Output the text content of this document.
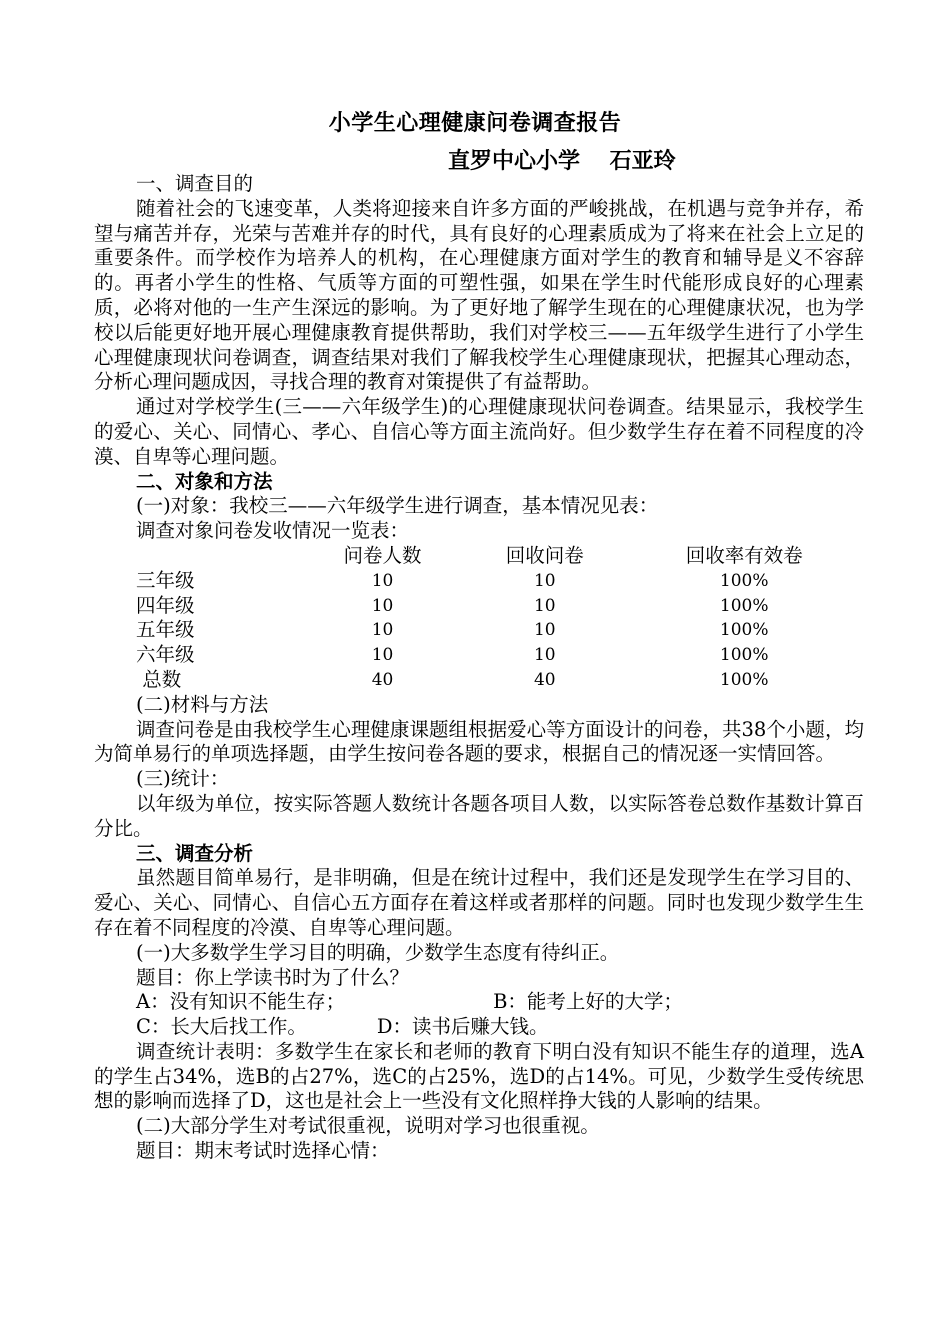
小学生心理健康问卷调查报告
直罗中心小学　 石亚玲
一、调查目的

随着社会的飞速变革，人类将迎接来自许多方面的严峻挑战，在机遇与竞争并存，希望与痛苦并存，光荣与苦难并存的时代，具有良好的心理素质成为了将来在社会上立足的重要条件。而学校作为培养人的机构，在心理健康方面对学生的教育和辅导是义不容辞的。再者小学生的性格、气质等方面的可塑性强，如果在学生时代能形成良好的心理素质，必将对他的一生产生深远的影响。为了更好地了解学生现在的心理健康状况，也为学校以后能更好地开展心理健康教育提供帮助，我们对学校三——五年级学生进行了小学生心理健康现状问卷调查，调查结果对我们了解我校学生心理健康现状，把握其心理动态，分析心理问题成因，寻找合理的教育对策提供了有益帮助。

通过对学校学生(三——六年级学生)的心理健康现状问卷调查。结果显示，我校学生的爱心、关心、同情心、孝心、自信心等方面主流尚好。但少数学生存在着不同程度的冷漠、自卑等心理问题。

二、对象和方法
(一)对象：我校三——六年级学生进行调查，基本情况见表：
调查对象问卷发收情况一览表：
	问卷人数	回收问卷	回收率有效卷
三年级	10	10	100%
四年级	10	10	100%
五年级	10	10	100%
六年级	10	10	100%
总数	40	40	100%
(二)材料与方法

调查问卷是由我校学生心理健康课题组根据爱心等方面设计的问卷，共38个小题，均为简单易行的单项选择题，由学生按问卷各题的要求，根据自己的情况逐一实情回答。

(三)统计：

以年级为单位，按实际答题人数统计各题各项目人数，以实际答卷总数作基数计算百分比。

三、调查分析

虽然题目简单易行，是非明确，但是在统计过程中，我们还是发现学生在学习目的、爱心、关心、同情心、自信心五方面存在着这样或者那样的问题。同时也发现少数学生生存在着不同程度的冷漠、自卑等心理问题。

(一)大多数学生学习目的明确，少数学生态度有待纠正。
题目：你上学读书时为了什么？
A：没有知识不能生存；	B：能考上好的大学；
C：长大后找工作。	D：读书后赚大钱。

调查统计表明：多数学生在家长和老师的教育下明白没有知识不能生存的道理，选A的学生占34%，选B的占27%，选C的占25%，选D的占14%。可见，少数学生受传统思想的影响而选择了D，这也是社会上一些没有文化照样挣大钱的人影响的结果。

(二)大部分学生对考试很重视，说明对学习也很重视。
题目：期末考试时选择心情：
